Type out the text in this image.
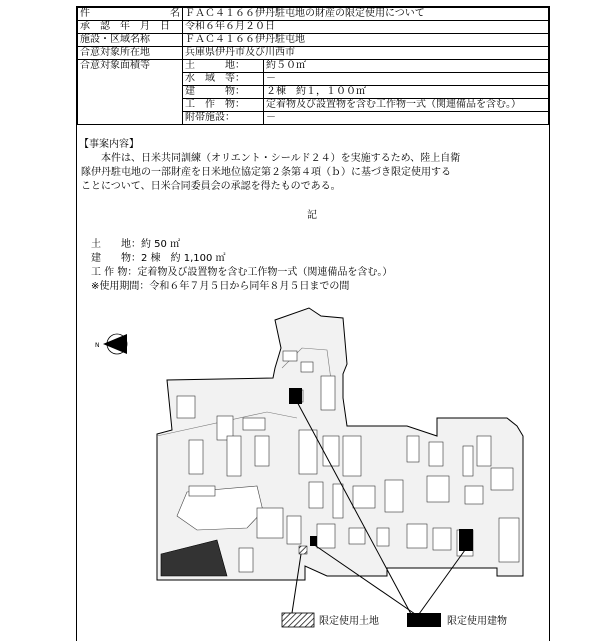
件　　　　　　　　名	ＦＡＣ４１６６伊丹駐屯地の財産の限定使用について	
承　認　年　月　日	令和６年６月２０日	
施設・区域名称	ＦＡＣ４１６６伊丹駐屯地	
合意対象所在地	兵庫県伊丹市及び川西市	
合意対象面積等	土　　　地：	約５０㎡
	水　域　等：	－
	建　　　物：	２棟　約１，１００㎡
	工　作　物：	定着物及び設置物を含む工作物一式（関連備品を含む。）
	附帯施設：	－
【事案内容】
　本件は、日米共同訓練（オリエント・シールド２４）を実施するため、陸上自衛
隊伊丹駐屯地の一部財産を日米地位協定第２条第４項（ｂ）に基づき限定使用する
ことについて、日米合同委員会の承認を得たものである。
記
土　　地：約 50 ㎡
建　　物：2 棟　約 1,100 ㎡
工 作 物：定着物及び設置物を含む工作物一式（関連備品を含む。）
※使用期間：令和６年７月５日から同年８月５日までの間
N
限定使用土地	限定使用建物
